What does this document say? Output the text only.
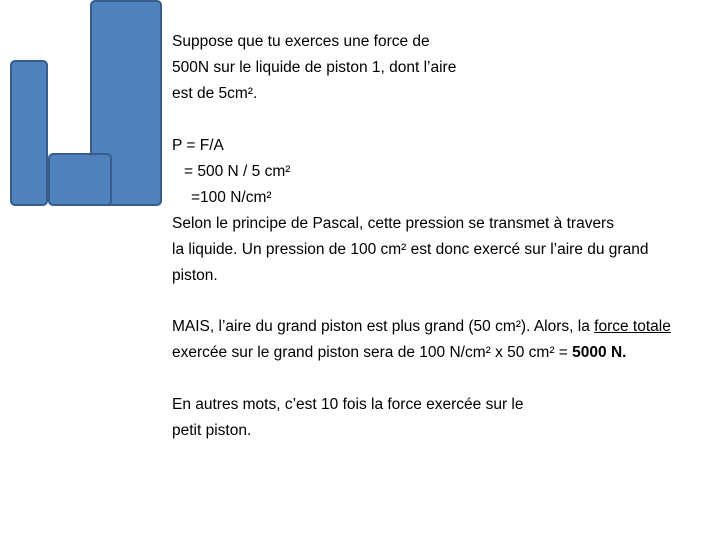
Suppose que tu exerces une force de
500N sur le liquide de piston 1, dont l’aire
est de 5cm².
P = F/A
= 500 N / 5 cm²
=100 N/cm²
Selon le principe de Pascal, cette pression se transmet à travers
la liquide. Un pression de 100 cm² est donc exercé sur l’aire du grand
piston.
MAIS, l’aire du grand piston est plus grand (50 cm²). Alors, la force totale
exercée sur le grand piston sera de 100 N/cm² x 50 cm² = 5000 N.
En autres mots, c’est 10 fois la force exercée sur le
petit piston.
